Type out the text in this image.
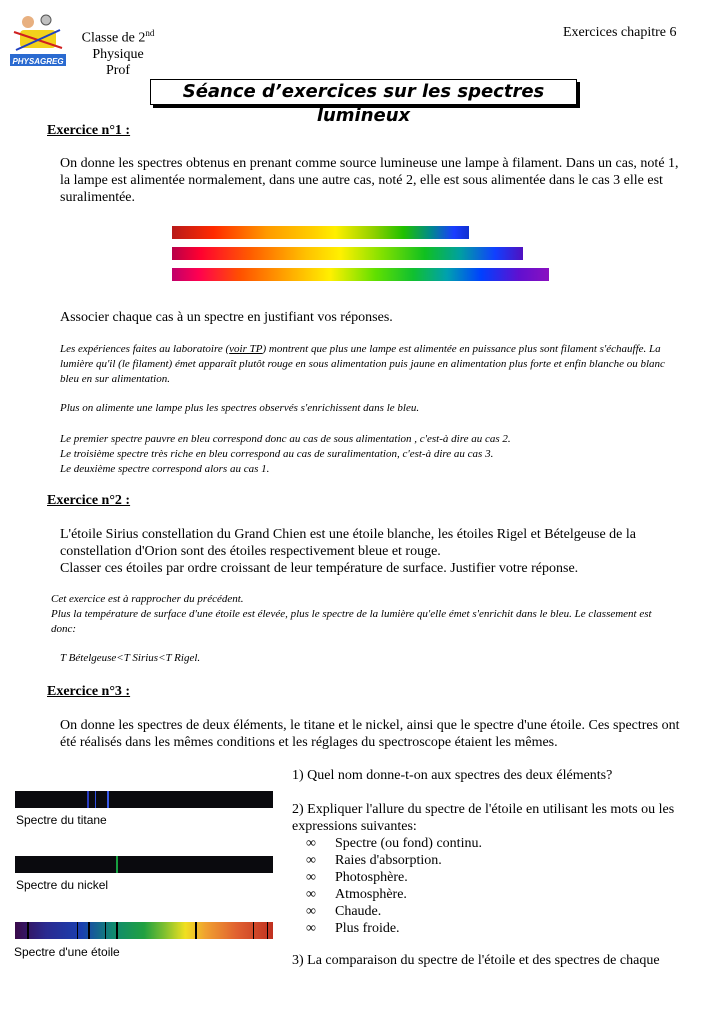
PHYSAGREG
Classe de 2nd
Physique
Prof
Exercices chapitre 6
Séance d’exercices sur les spectres lumineux
Exercice n°1 :
On donne les spectres obtenus en prenant comme source lumineuse une lampe à filament. Dans un cas, noté 1, la lampe est alimentée normalement, dans une autre cas, noté 2, elle est sous alimentée dans le cas 3 elle est suralimentée.
Associer chaque cas à un spectre en justifiant vos réponses.
Les expériences faites au laboratoire (voir TP) montrent que plus une lampe est alimentée en puissance plus sont filament s'échauffe. La lumière qu'il (le filament) émet apparaît plutôt rouge en sous alimentation puis jaune en alimentation plus forte et enfin blanche ou blanc bleu en sur alimentation.
Plus on alimente une lampe plus les spectres observés s'enrichissent dans le bleu.
Le premier spectre pauvre en bleu correspond donc au cas de sous alimentation , c'est-à dire au cas 2.
Le troisième spectre très riche en bleu correspond au cas de suralimentation, c'est-à dire au cas 3.
Le deuxième spectre correspond alors au cas 1.
Exercice n°2 :
L'étoile Sirius constellation du Grand Chien est une étoile blanche, les étoiles Rigel et Bételgeuse de la constellation d'Orion sont des étoiles respectivement bleue et rouge.
Classer ces étoiles par ordre croissant de leur température de surface. Justifier votre réponse.
Cet exercice est à rapprocher du précédent.
Plus la température de surface d'une étoile est élevée, plus le spectre de la lumière qu'elle émet s'enrichit dans le bleu. Le classement est donc:
T Bételgeuse<T Sirius<T Rigel.
Exercice n°3 :
On donne les spectres de deux éléments, le titane et le nickel, ainsi que le spectre d'une étoile. Ces spectres ont été réalisés dans les mêmes conditions et les réglages du spectroscope étaient les mêmes.
Spectre du titane
Spectre du nickel
Spectre d'une étoile
1) Quel nom donne-t-on aux spectres des deux éléments?
2) Expliquer l'allure du spectre de l'étoile en utilisant les mots ou les expressions suivantes:
∞ Spectre (ou fond) continu.
∞ Raies d'absorption.
∞ Photosphère.
∞ Atmosphère.
∞ Chaude.
∞ Plus froide.
3) La comparaison du spectre de l'étoile et des spectres de chaque
